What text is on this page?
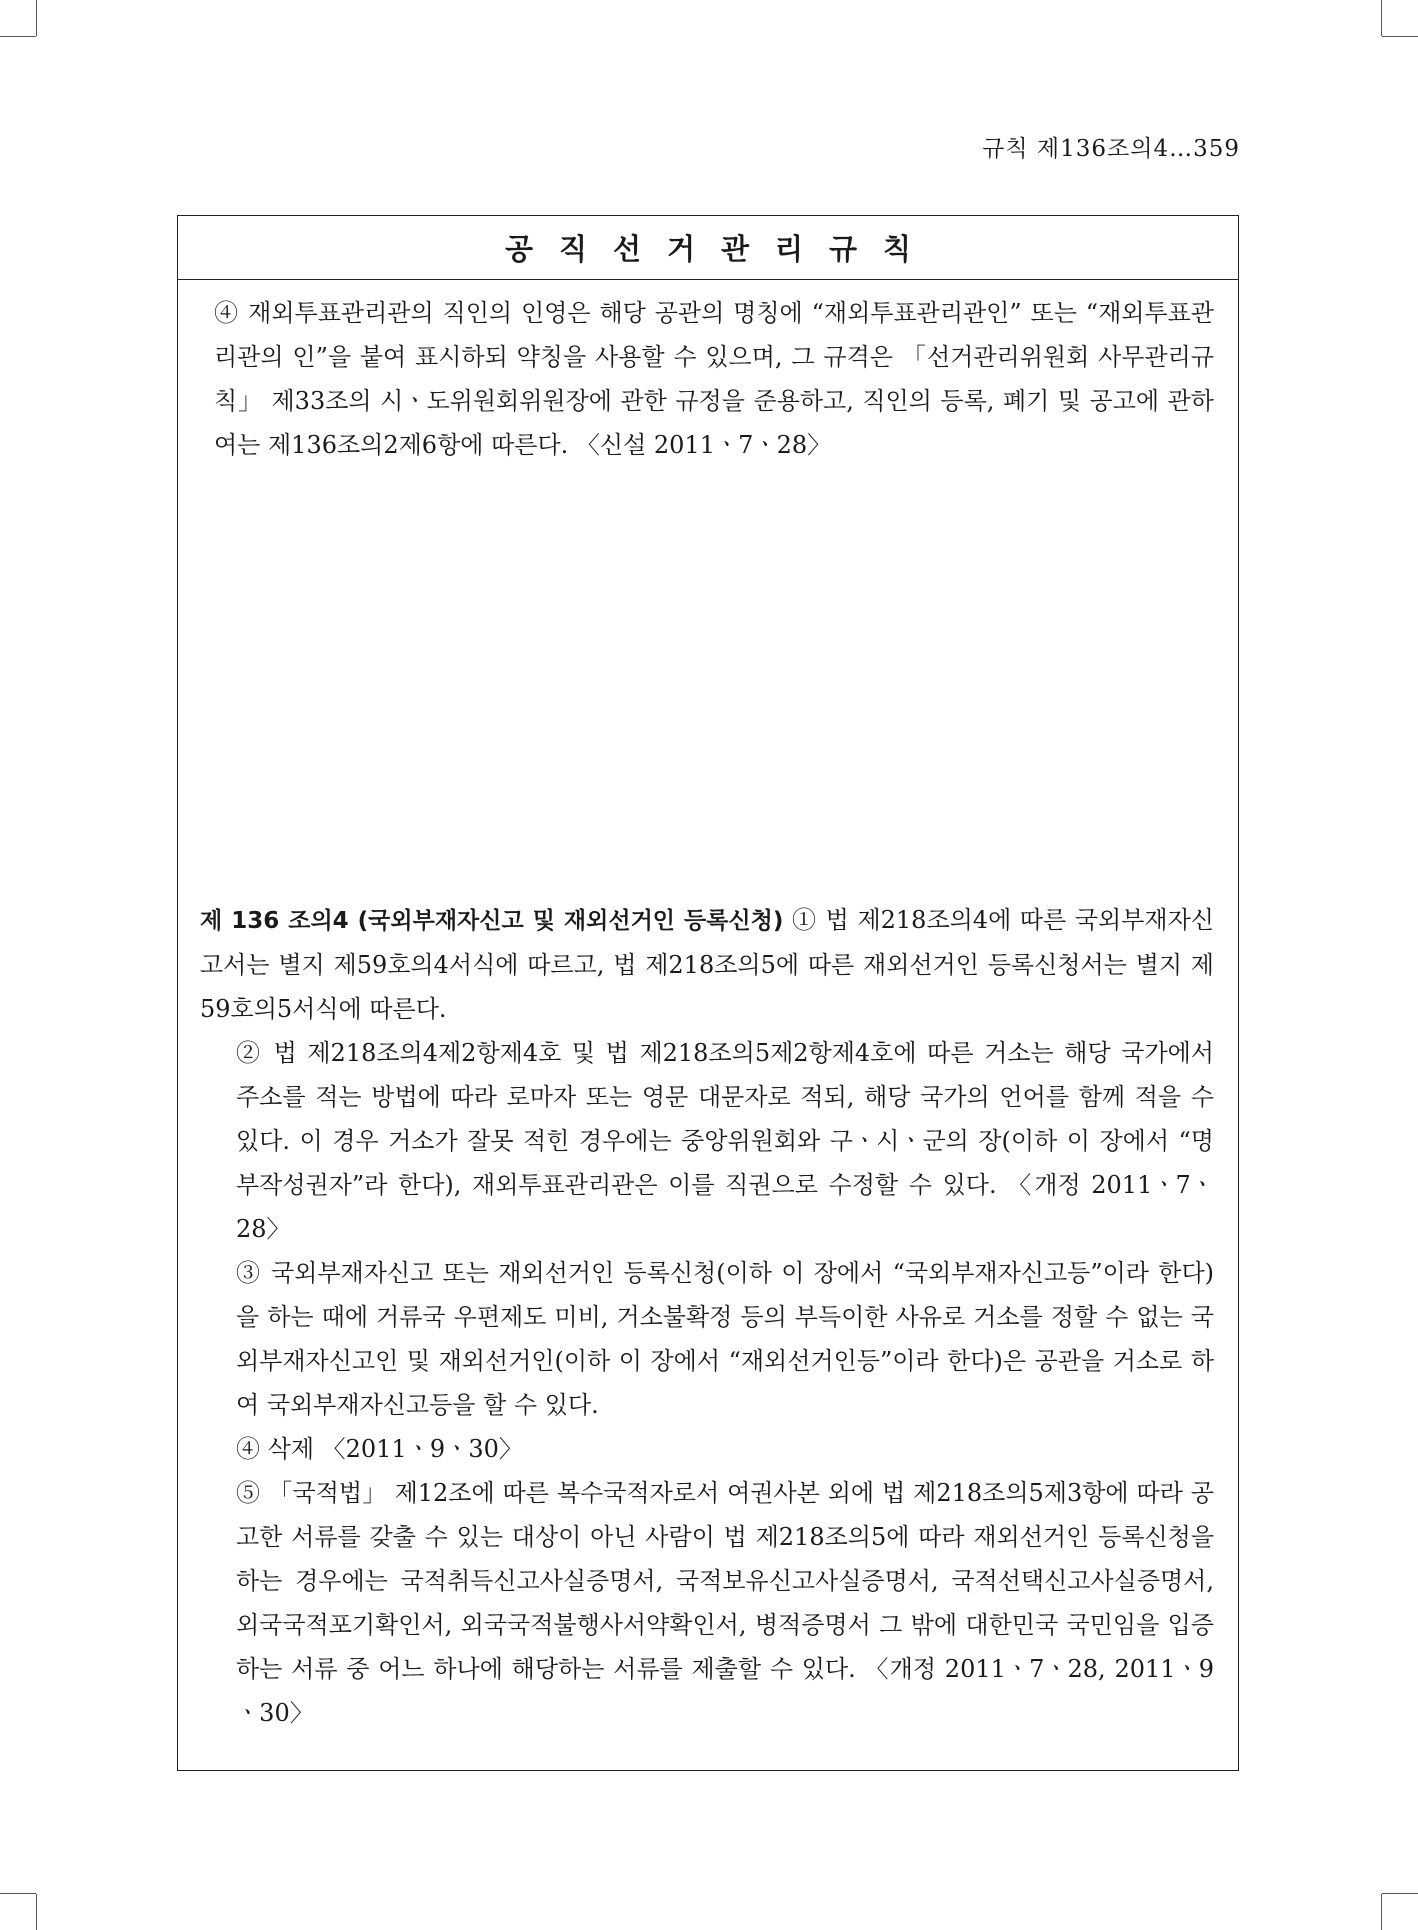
규칙 제136조의4…359
공직선거관리규칙

④ 재외투표관리관의 직인의 인영은 해당 공관의 명칭에 “재외투표관리관인” 또는 “재외투표관리관의 인”을 붙여 표시하되 약칭을 사용할 수 있으며, 그 규격은 「선거관리위원회 사무관리규칙」 제33조의 시ㆍ도위원회위원장에 관한 규정을 준용하고, 직인의 등록, 폐기 및 공고에 관하여는 제136조의2제6항에 따른다. 〈신설 2011ㆍ7ㆍ28〉

제 136 조의4 (국외부재자신고 및 재외선거인 등록신청) ① 법 제218조의4에 따른 국외부재자신고서는 별지 제59호의4서식에 따르고, 법 제218조의5에 따른 재외선거인 등록신청서는 별지 제59호의5서식에 따른다.

② 법 제218조의4제2항제4호 및 법 제218조의5제2항제4호에 따른 거소는 해당 국가에서 주소를 적는 방법에 따라 로마자 또는 영문 대문자로 적되, 해당 국가의 언어를 함께 적을 수 있다. 이 경우 거소가 잘못 적힌 경우에는 중앙위원회와 구ㆍ시ㆍ군의 장(이하 이 장에서 “명부작성권자”라 한다), 재외투표관리관은 이를 직권으로 수정할 수 있다. 〈개정 2011ㆍ7ㆍ28〉

③ 국외부재자신고 또는 재외선거인 등록신청(이하 이 장에서 “국외부재자신고등”이라 한다)을 하는 때에 거류국 우편제도 미비, 거소불확정 등의 부득이한 사유로 거소를 정할 수 없는 국외부재자신고인 및 재외선거인(이하 이 장에서 “재외선거인등”이라 한다)은 공관을 거소로 하여 국외부재자신고등을 할 수 있다.

④ 삭제 〈2011ㆍ9ㆍ30〉

⑤ 「국적법」 제12조에 따른 복수국적자로서 여권사본 외에 법 제218조의5제3항에 따라 공고한 서류를 갖출 수 있는 대상이 아닌 사람이 법 제218조의5에 따라 재외선거인 등록신청을 하는 경우에는 국적취득신고사실증명서, 국적보유신고사실증명서, 국적선택신고사실증명서, 외국국적포기확인서, 외국국적불행사서약확인서, 병적증명서 그 밖에 대한민국 국민임을 입증하는 서류 중 어느 하나에 해당하는 서류를 제출할 수 있다. 〈개정 2011ㆍ7ㆍ28, 2011ㆍ9ㆍ30〉
